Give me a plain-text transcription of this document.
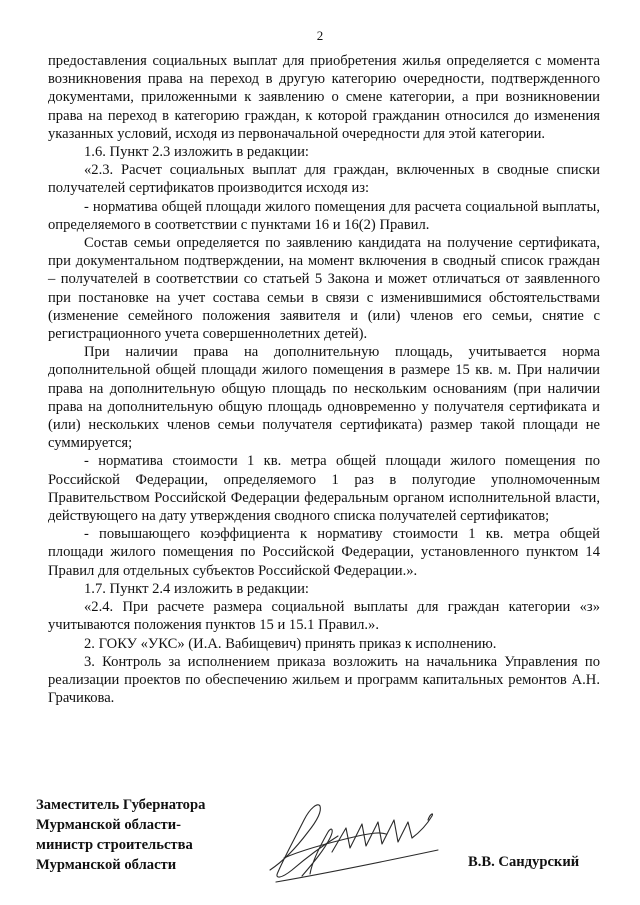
2

предоставления социальных выплат для приобретения жилья определяется с момента возникновения права на переход в другую категорию очередности, подтвержденного документами, приложенными к заявлению о смене категории, а при возникновении права на переход в категорию граждан, к которой гражданин относился до изменения указанных условий, исходя из первоначальной очередности для этой категории.

1.6. Пункт 2.3 изложить в редакции:

«2.3. Расчет социальных выплат для граждан, включенных в сводные списки получателей сертификатов производится исходя из:

- норматива общей площади жилого помещения для расчета социальной выплаты, определяемого в соответствии с пунктами 16 и 16(2) Правил.

Состав семьи определяется по заявлению кандидата на получение сертификата, при документальном подтверждении, на момент включения в сводный список граждан – получателей в соответствии со статьей 5 Закона и может отличаться от заявленного при постановке на учет состава семьи в связи с изменившимися обстоятельствами (изменение семейного положения заявителя и (или) членов его семьи, снятие с регистрационного учета совершеннолетних детей).

При наличии права на дополнительную площадь, учитывается норма дополнительной общей площади жилого помещения в размере 15 кв. м. При наличии права на дополнительную общую площадь по нескольким основаниям (при наличии права на дополнительную общую площадь одновременно у получателя сертификата и (или) нескольких членов семьи получателя сертификата) размер такой площади не суммируется;

- норматива стоимости 1 кв. метра общей площади жилого помещения по Российской Федерации, определяемого 1 раз в полугодие уполномоченным Правительством Российской Федерации федеральным органом исполнительной власти, действующего на дату утверждения сводного списка получателей сертификатов;

- повышающего коэффициента к нормативу стоимости 1 кв. метра общей площади жилого помещения по Российской Федерации, установленного пунктом 14 Правил для отдельных субъектов Российской Федерации.».

1.7. Пункт 2.4 изложить в редакции:

«2.4. При расчете размера социальной выплаты для граждан категории «з» учитываются положения пунктов 15 и 15.1 Правил.».

2. ГОКУ «УКС» (И.А. Вабищевич) принять приказ к исполнению.

3. Контроль за исполнением приказа возложить на начальника Управления по реализации проектов по обеспечению жильем и программ капитальных ремонтов А.Н. Грачикова.

Заместитель Губернатора
Мурманской области-
министр строительства
Мурманской области	В.В. Сандурский
